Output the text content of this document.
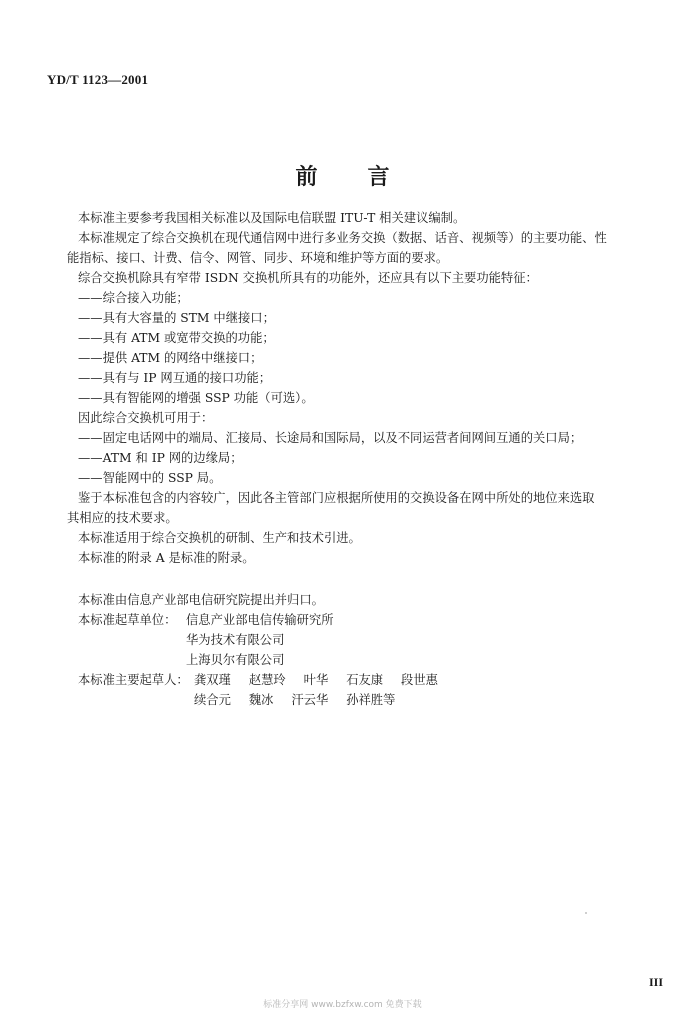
YD/T 1123—2001
前 言

本标准主要参考我国相关标准以及国际电信联盟 ITU-T 相关建议编制。

本标准规定了综合交换机在现代通信网中进行多业务交换（数据、话音、视频等）的主要功能、性

能指标、接口、计费、信令、网管、同步、环境和维护等方面的要求。

综合交换机除具有窄带 ISDN 交换机所具有的功能外，还应具有以下主要功能特征：

——综合接入功能；

——具有大容量的 STM 中继接口；

——具有 ATM 或宽带交换的功能；

——提供 ATM 的网络中继接口；

——具有与 IP 网互通的接口功能；

——具有智能网的增强 SSP 功能（可选）。

因此综合交换机可用于：

——固定电话网中的端局、汇接局、长途局和国际局，以及不同运营者间网间互通的关口局；

——ATM 和 IP 网的边缘局；

——智能网中的 SSP 局。

鉴于本标准包含的内容较广，因此各主管部门应根据所使用的交换设备在网中所处的地位来选取

其相应的技术要求。

本标准适用于综合交换机的研制、生产和技术引进。

本标准的附录 A 是标准的附录。

本标准由信息产业部电信研究院提出并归口。

本标准起草单位： 信息产业部电信传输研究所

华为技术有限公司

上海贝尔有限公司

本标准主要起草人： 龚双瑾 赵慧玲 叶华 石友康 段世惠
续合元 魏冰 汗云华 孙祥胜等
III
标准分享网 www.bzfxw.com 免费下载
